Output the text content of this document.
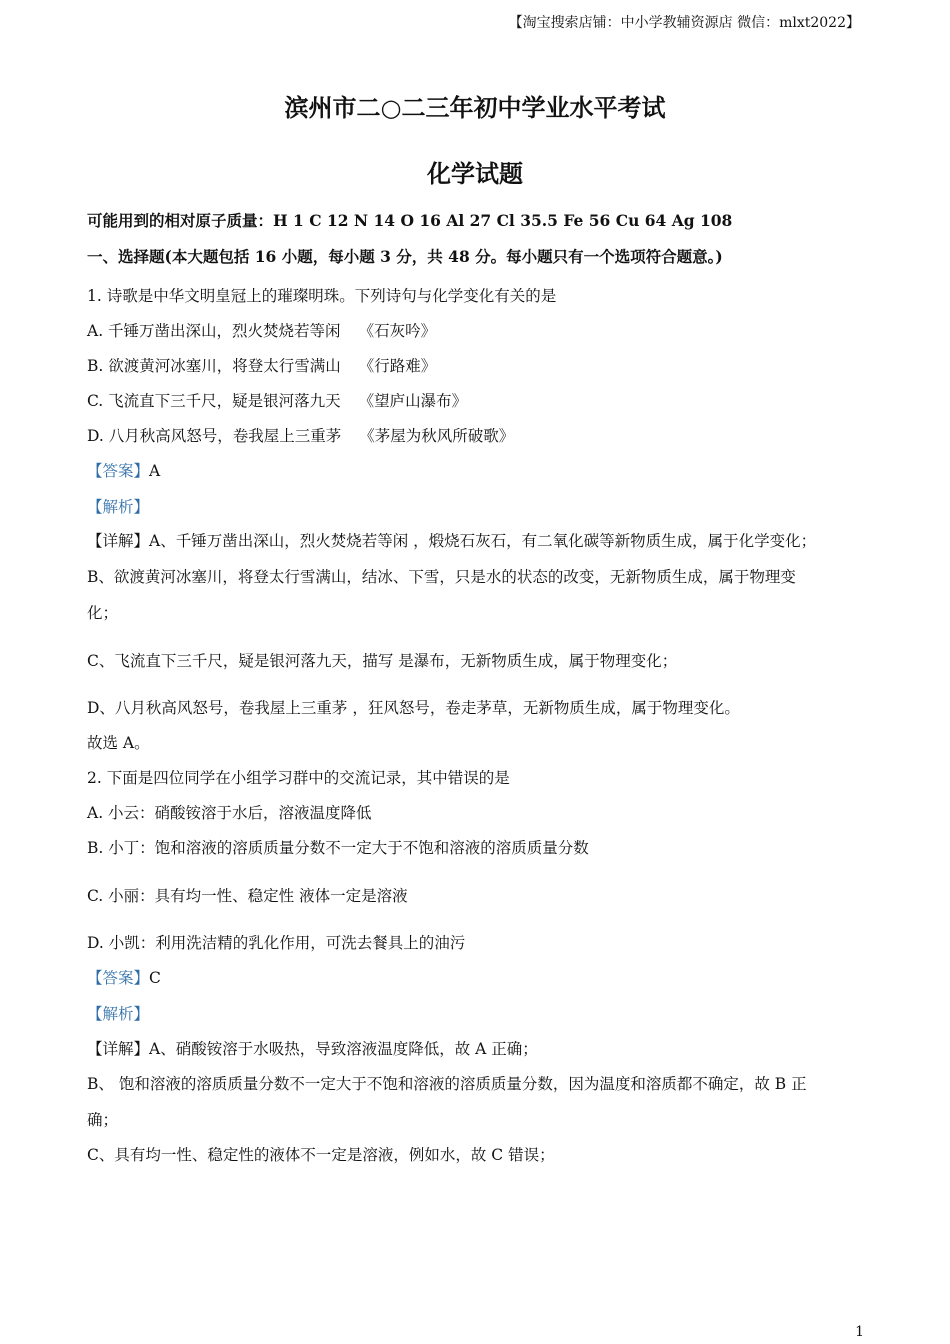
【淘宝搜索店铺：中小学教辅资源店 微信：mlxt2022】
滨州市二○二三年初中学业水平考试
化学试题
可能用到的相对原子质量：H 1 C 12 N 14 O 16 Al 27 Cl 35.5 Fe 56 Cu 64 Ag 108
一、选择题(本大题包括 16 小题，每小题 3 分，共 48 分。每小题只有一个选项符合题意。)
1. 诗歌是中华文明皇冠上的璀璨明珠。下列诗句与化学变化有关的是
A. 千锤万凿出深山，烈火焚烧若等闲 《石灰吟》
B. 欲渡黄河冰塞川，将登太行雪满山 《行路难》
C. 飞流直下三千尺，疑是银河落九天 《望庐山瀑布》
D. 八月秋高风怒号，卷我屋上三重茅 《茅屋为秋风所破歌》
【答案】A
【解析】
【详解】A、千锤万凿出深山，烈火焚烧若等闲 ，煅烧石灰石，有二氧化碳等新物质生成，属于化学变化；
B、欲渡黄河冰塞川，将登太行雪满山，结冰、下雪，只是水的状态的改变，无新物质生成，属于物理变
化；
C、飞流直下三千尺，疑是银河落九天，描写 是瀑布，无新物质生成，属于物理变化；
D、八月秋高风怒号，卷我屋上三重茅 ，狂风怒号，卷走茅草，无新物质生成，属于物理变化。
故选 A。
2. 下面是四位同学在小组学习群中的交流记录，其中错误的是
A. 小云：硝酸铵溶于水后，溶液温度降低
B. 小丁：饱和溶液的溶质质量分数不一定大于不饱和溶液的溶质质量分数
C. 小丽：具有均一性、稳定性 液体一定是溶液
D. 小凯：利用洗洁精的乳化作用，可洗去餐具上的油污
【答案】C
【解析】
【详解】A、硝酸铵溶于水吸热，导致溶液温度降低，故 A 正确；
B、 饱和溶液的溶质质量分数不一定大于不饱和溶液的溶质质量分数，因为温度和溶质都不确定，故 B 正
确；
C、具有均一性、稳定性的液体不一定是溶液，例如水，故 C 错误；
1
